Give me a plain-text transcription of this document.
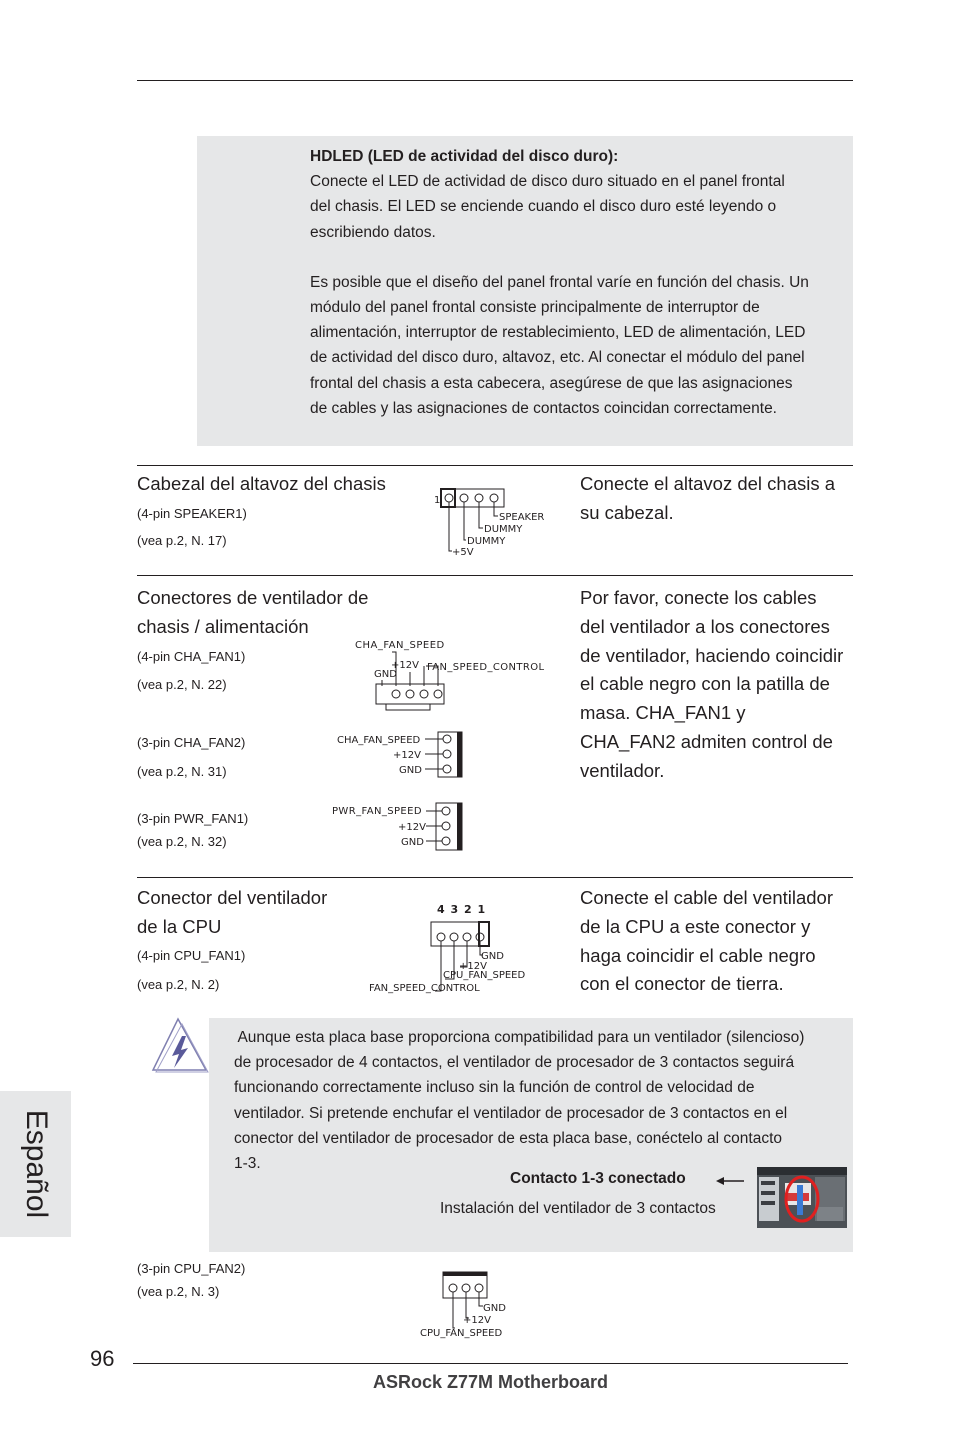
HDLED (LED de actividad del disco duro):

Conecte el LED de actividad de disco duro situado en el panel frontal

del chasis. El LED se enciende cuando el disco duro esté leyendo o

escribiendo datos.

Es posible que el diseño del panel frontal varíe en función del chasis. Un

módulo del panel frontal consiste principalmente de interruptor de

alimentación, interruptor de restablecimiento, LED de alimentación, LED

de actividad del disco duro, altavoz, etc. Al conectar el módulo del panel

frontal del chasis a esta cabecera, asegúrese de que las asignaciones

de cables y las asignaciones de contactos coincidan correctamente.

Cabezal del altavoz del chasis
(4-pin SPEAKER1)
(vea p.2, N. 17)
Conecte el altavoz del chasis a
su cabezal.
1
SPEAKER
DUMMY
DUMMY
+5V
Conectores de ventilador de
chasis / alimentación
(4-pin CHA_FAN1)
(vea p.2, N. 22)
(3-pin CHA_FAN2)
(vea p.2, N. 31)
(3-pin PWR_FAN1)
(vea p.2, N. 32)
Por favor, conecte los cables
del ventilador a los conectores
de ventilador, haciendo coincidir
el cable negro con la patilla de
masa. CHA_FAN1 y
CHA_FAN2 admiten control de
ventilador.
CHA_FAN_SPEED
+12V
GND
FAN_SPEED_CONTROL
CHA_FAN_SPEED
+12V
GND
PWR_FAN_SPEED
+12V
GND
Conector del ventilador
de la CPU
(4-pin CPU_FAN1)
(vea p.2, N. 2)
Conecte el cable del ventilador
de la CPU a este conector y
haga coincidir el cable negro
con el conector de tierra.
4 3 2 1
GND
+12V
CPU_FAN_SPEED
FAN_SPEED_CONTROL

Aunque esta placa base proporciona compatibilidad para un ventilador (silencioso)

de procesador de 4 contactos, el ventilador de procesador de 3 contactos seguirá

funcionando correctamente incluso sin la función de control de velocidad de

ventilador. Si pretende enchufar el ventilador de procesador de 3 contactos en el

conector del ventilador de procesador de esta placa base, conéctelo al contacto

1-3.

Contacto 1-3 conectado
Instalación del ventilador de 3 contactos
(3-pin CPU_FAN2)
(vea p.2, N. 3)
GND
+12V
CPU_FAN_SPEED
Español
96
ASRock Z77M Motherboard
